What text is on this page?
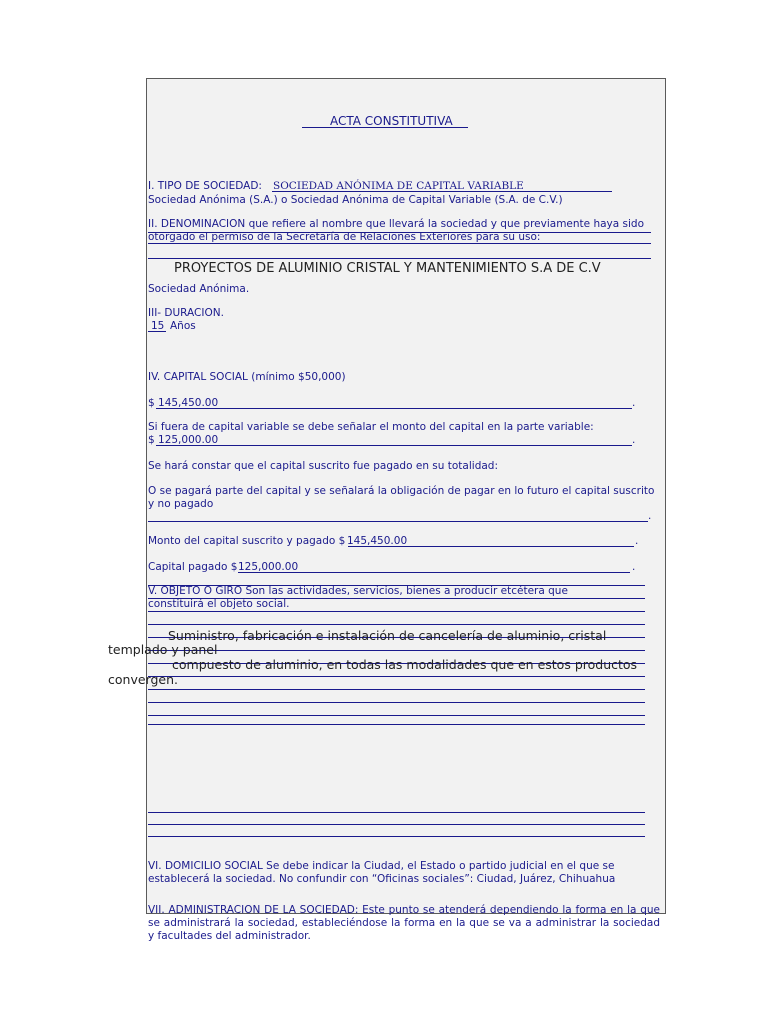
ACTA CONSTITUTIVA
I. TIPO DE SOCIEDAD: SOCIEDAD ANÓNIMA DE CAPITAL VARIABLE
Sociedad Anónima (S.A.) o Sociedad Anónima de Capital Variable (S.A. de C.V.)
II. DENOMINACION que refiere al nombre que llevará la sociedad y que previamente haya sido
otorgado el permiso de la Secretaría de Relaciones Exteriores para su uso:
PROYECTOS DE ALUMINIO CRISTAL Y MANTENIMIENTO S.A DE C.V
Sociedad Anónima.
III- DURACION.
15 Años
IV. CAPITAL SOCIAL (mínimo $50,000)
$ 145,450.00	.
Si fuera de capital variable se debe señalar el monto del capital en la parte variable:
$ 125,000.00	.
Se hará constar que el capital suscrito fue pagado en su totalidad:
O se pagará parte del capital y se señalará la obligación de pagar en lo futuro el capital suscrito
y no pagado
.
Monto del capital suscrito y pagado $ 145,450.00	.
Capital pagado $ 125,000.00	.
V. OBJETO O GIRO Son las actividades, servicios, bienes a producir etcétera que
constituirá el objeto social.
Suministro, fabricación e instalación de cancelería de aluminio, cristal
templado y panel
compuesto de aluminio, en todas las modalidades que en estos productos
convergen.
VI. DOMICILIO SOCIAL Se debe indicar la Ciudad, el Estado o partido judicial en el que se
establecerá la sociedad. No confundir con “Oficinas sociales”: Ciudad, Juárez, Chihuahua
VII. ADMINISTRACION DE LA SOCIEDAD: Este punto se atenderá dependiendo la forma en la que se administrará la sociedad, estableciéndose la forma en la que se va a administrar la sociedad y facultades del administrador.
